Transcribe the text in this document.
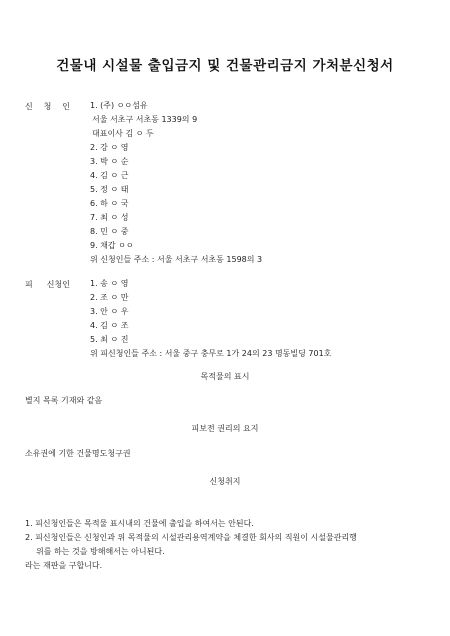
건물내 시설물 출입금지 및 건물관리금지 가처분신청서
신 청 인	1. (주) ㅇㅇ섬유
서울 서초구 서초동 1339의 9
대표이사 김 ㅇ 두
2. 강 ㅇ 영
3. 박 ㅇ 순
4. 김 ㅇ 근
5. 정 ㅇ 태
6. 하 ㅇ 국
7. 최 ㅇ 성
8. 민 ㅇ 중
9. 채갑 ㅇㅇ
위 신청인들 주소 : 서울 서초구 서초동 1598의 3
피 신청인	1. 송 ㅇ 영
2. 조 ㅇ 만
3. 안 ㅇ 우
4. 김 ㅇ 조
5. 최 ㅇ 진
위 피신청인들 주소 : 서울 중구 충무로 1가 24의 23 명동빌딩 701호
목적물의 표시
별지 목록 기재와 같음
피보전 권리의 요지
소유권에 기한 건물명도청구권
신청취지
1. 피신청인들은 목적물 표시내의 건물에 출입을 하여서는 안된다.
2. 피신청인들은 신청인과 위 목적물의 시설관리용역계약을 체결한 회사의 직원이 시설물관리행
위를 하는 것을 방해해서는 아니된다.
라는 재판을 구합니다.
